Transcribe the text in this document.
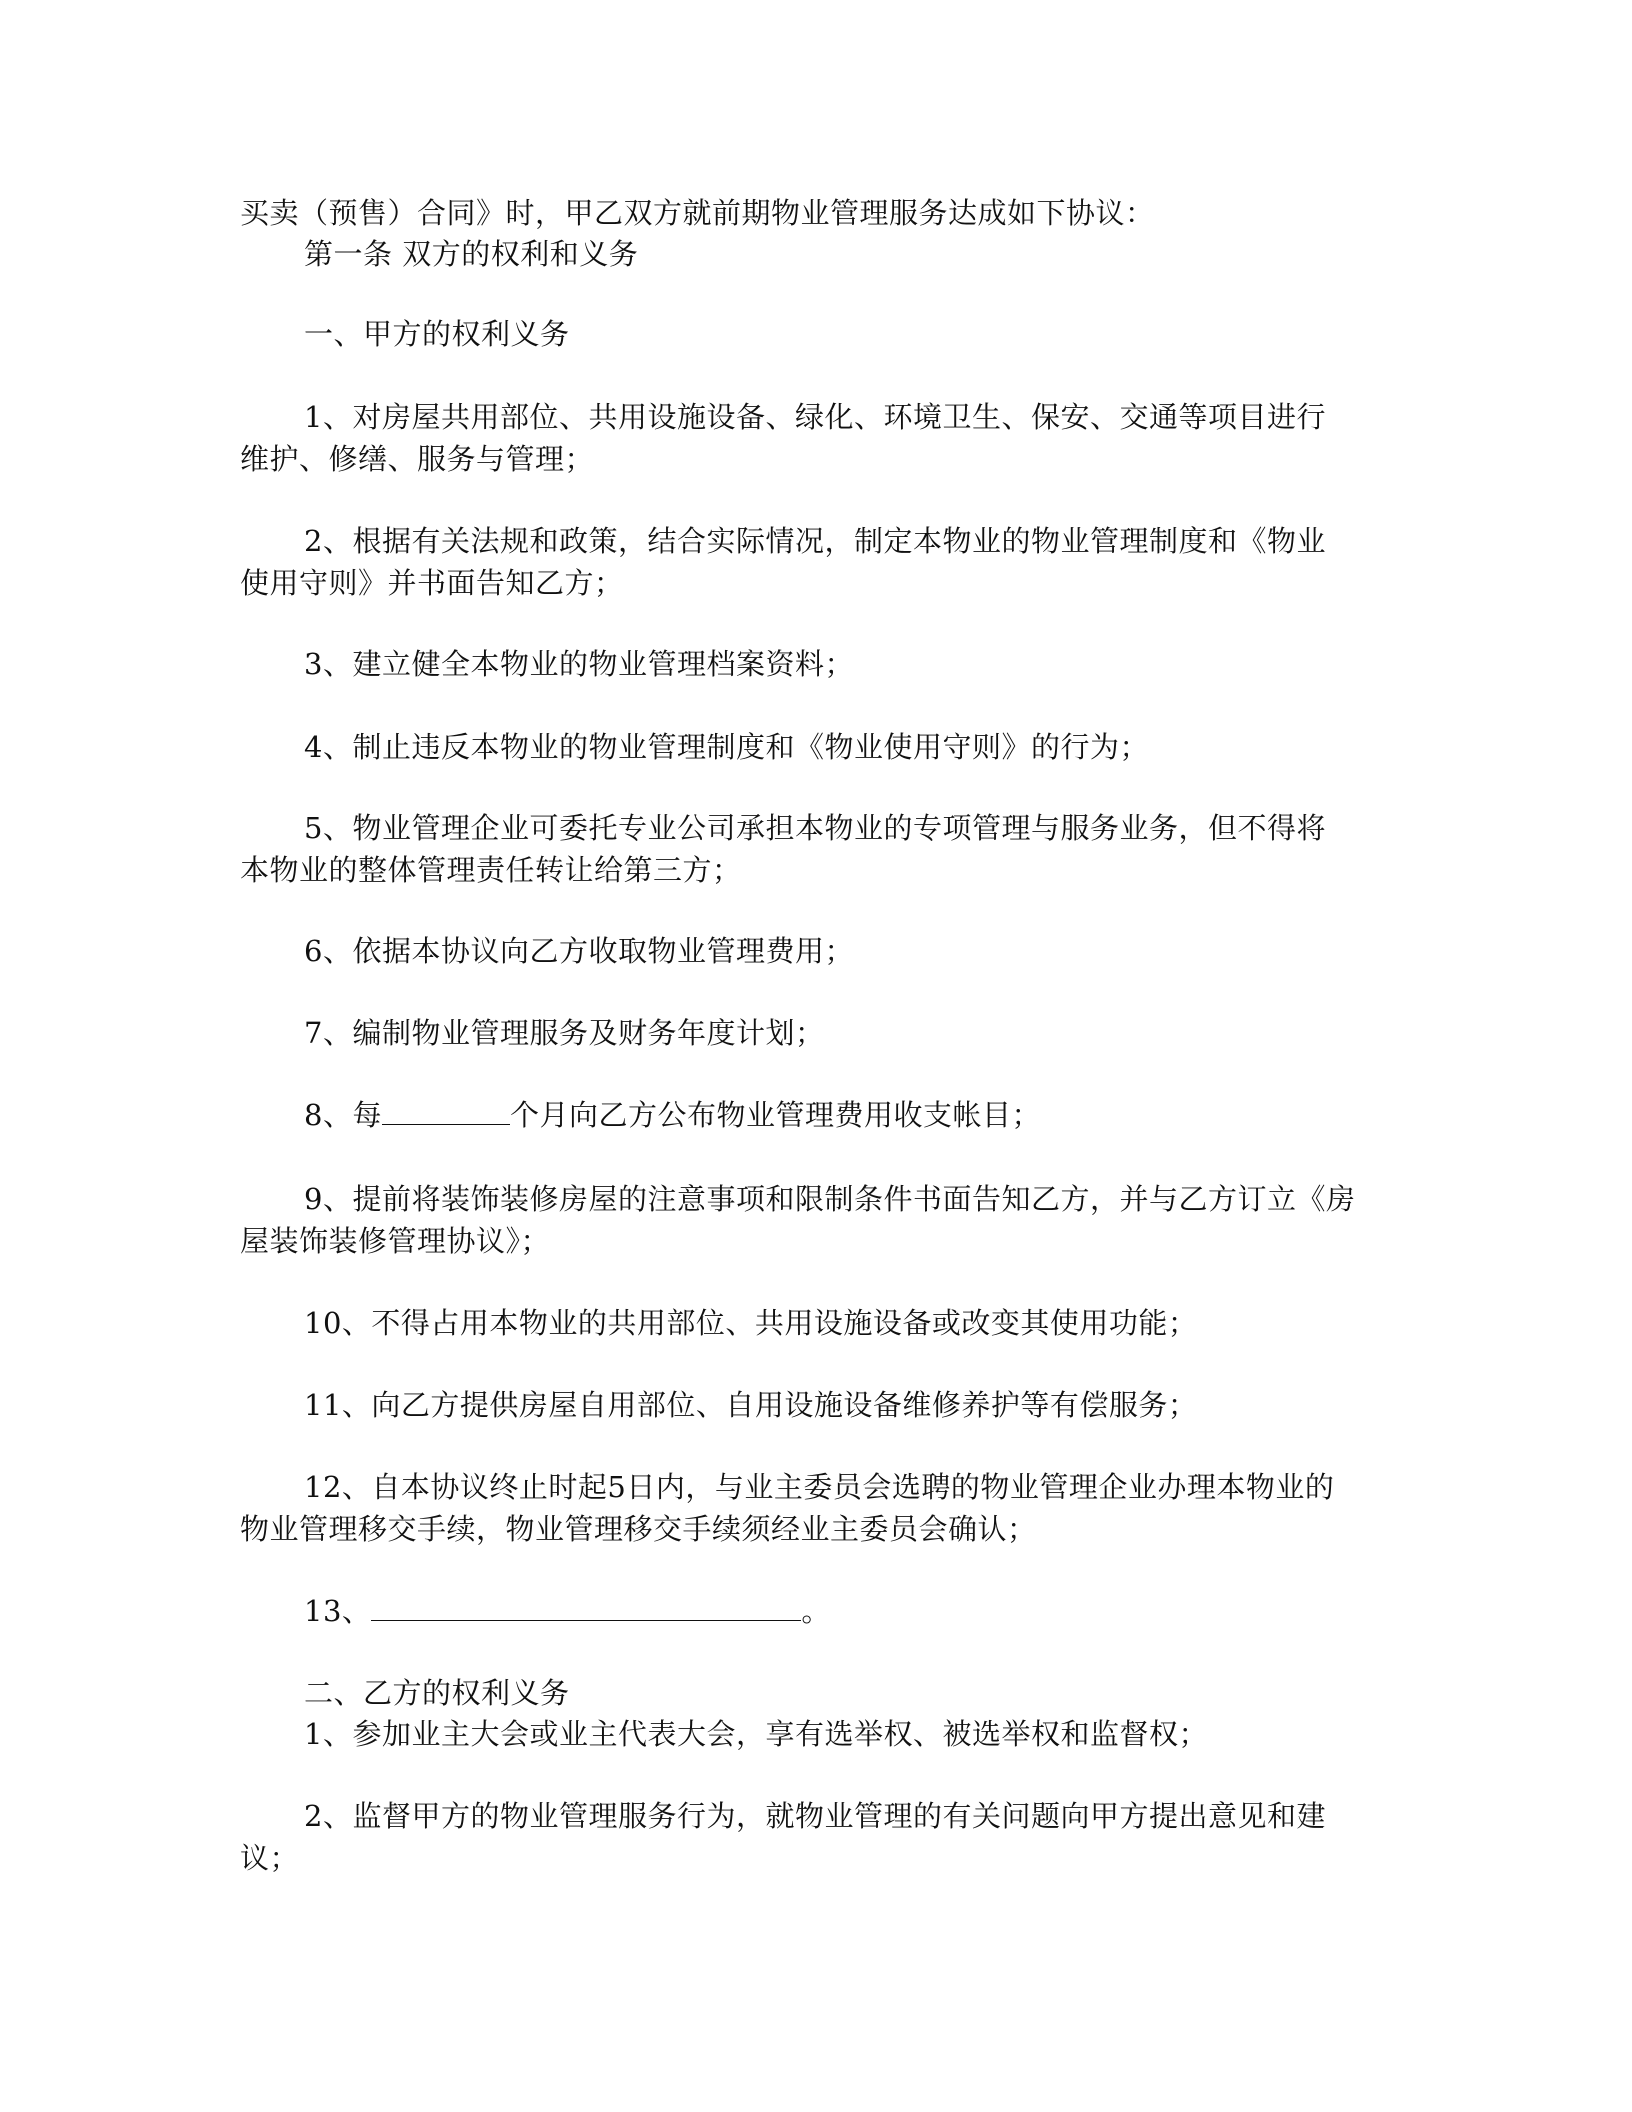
买卖（预售）合同》时，甲乙双方就前期物业管理服务达成如下协议：
第一条 双方的权利和义务
一、甲方的权利义务
1、对房屋共用部位、共用设施设备、绿化、环境卫生、保安、交通等项目进行
维护、修缮、服务与管理；
2、根据有关法规和政策，结合实际情况，制定本物业的物业管理制度和《物业
使用守则》并书面告知乙方；
3、建立健全本物业的物业管理档案资料；
4、制止违反本物业的物业管理制度和《物业使用守则》的行为；
5、物业管理企业可委托专业公司承担本物业的专项管理与服务业务，但不得将
本物业的整体管理责任转让给第三方；
6、依据本协议向乙方收取物业管理费用；
7、编制物业管理服务及财务年度计划；
8、每	个月向乙方公布物业管理费用收支帐目；
9、提前将装饰装修房屋的注意事项和限制条件书面告知乙方，并与乙方订立《房
屋装饰装修管理协议》；
10、不得占用本物业的共用部位、共用设施设备或改变其使用功能；
11、向乙方提供房屋自用部位、自用设施设备维修养护等有偿服务；
12、自本协议终止时起5日内，与业主委员会选聘的物业管理企业办理本物业的
物业管理移交手续，物业管理移交手续须经业主委员会确认；
13、	。
二、乙方的权利义务
1、参加业主大会或业主代表大会，享有选举权、被选举权和监督权；
2、监督甲方的物业管理服务行为，就物业管理的有关问题向甲方提出意见和建
议；
